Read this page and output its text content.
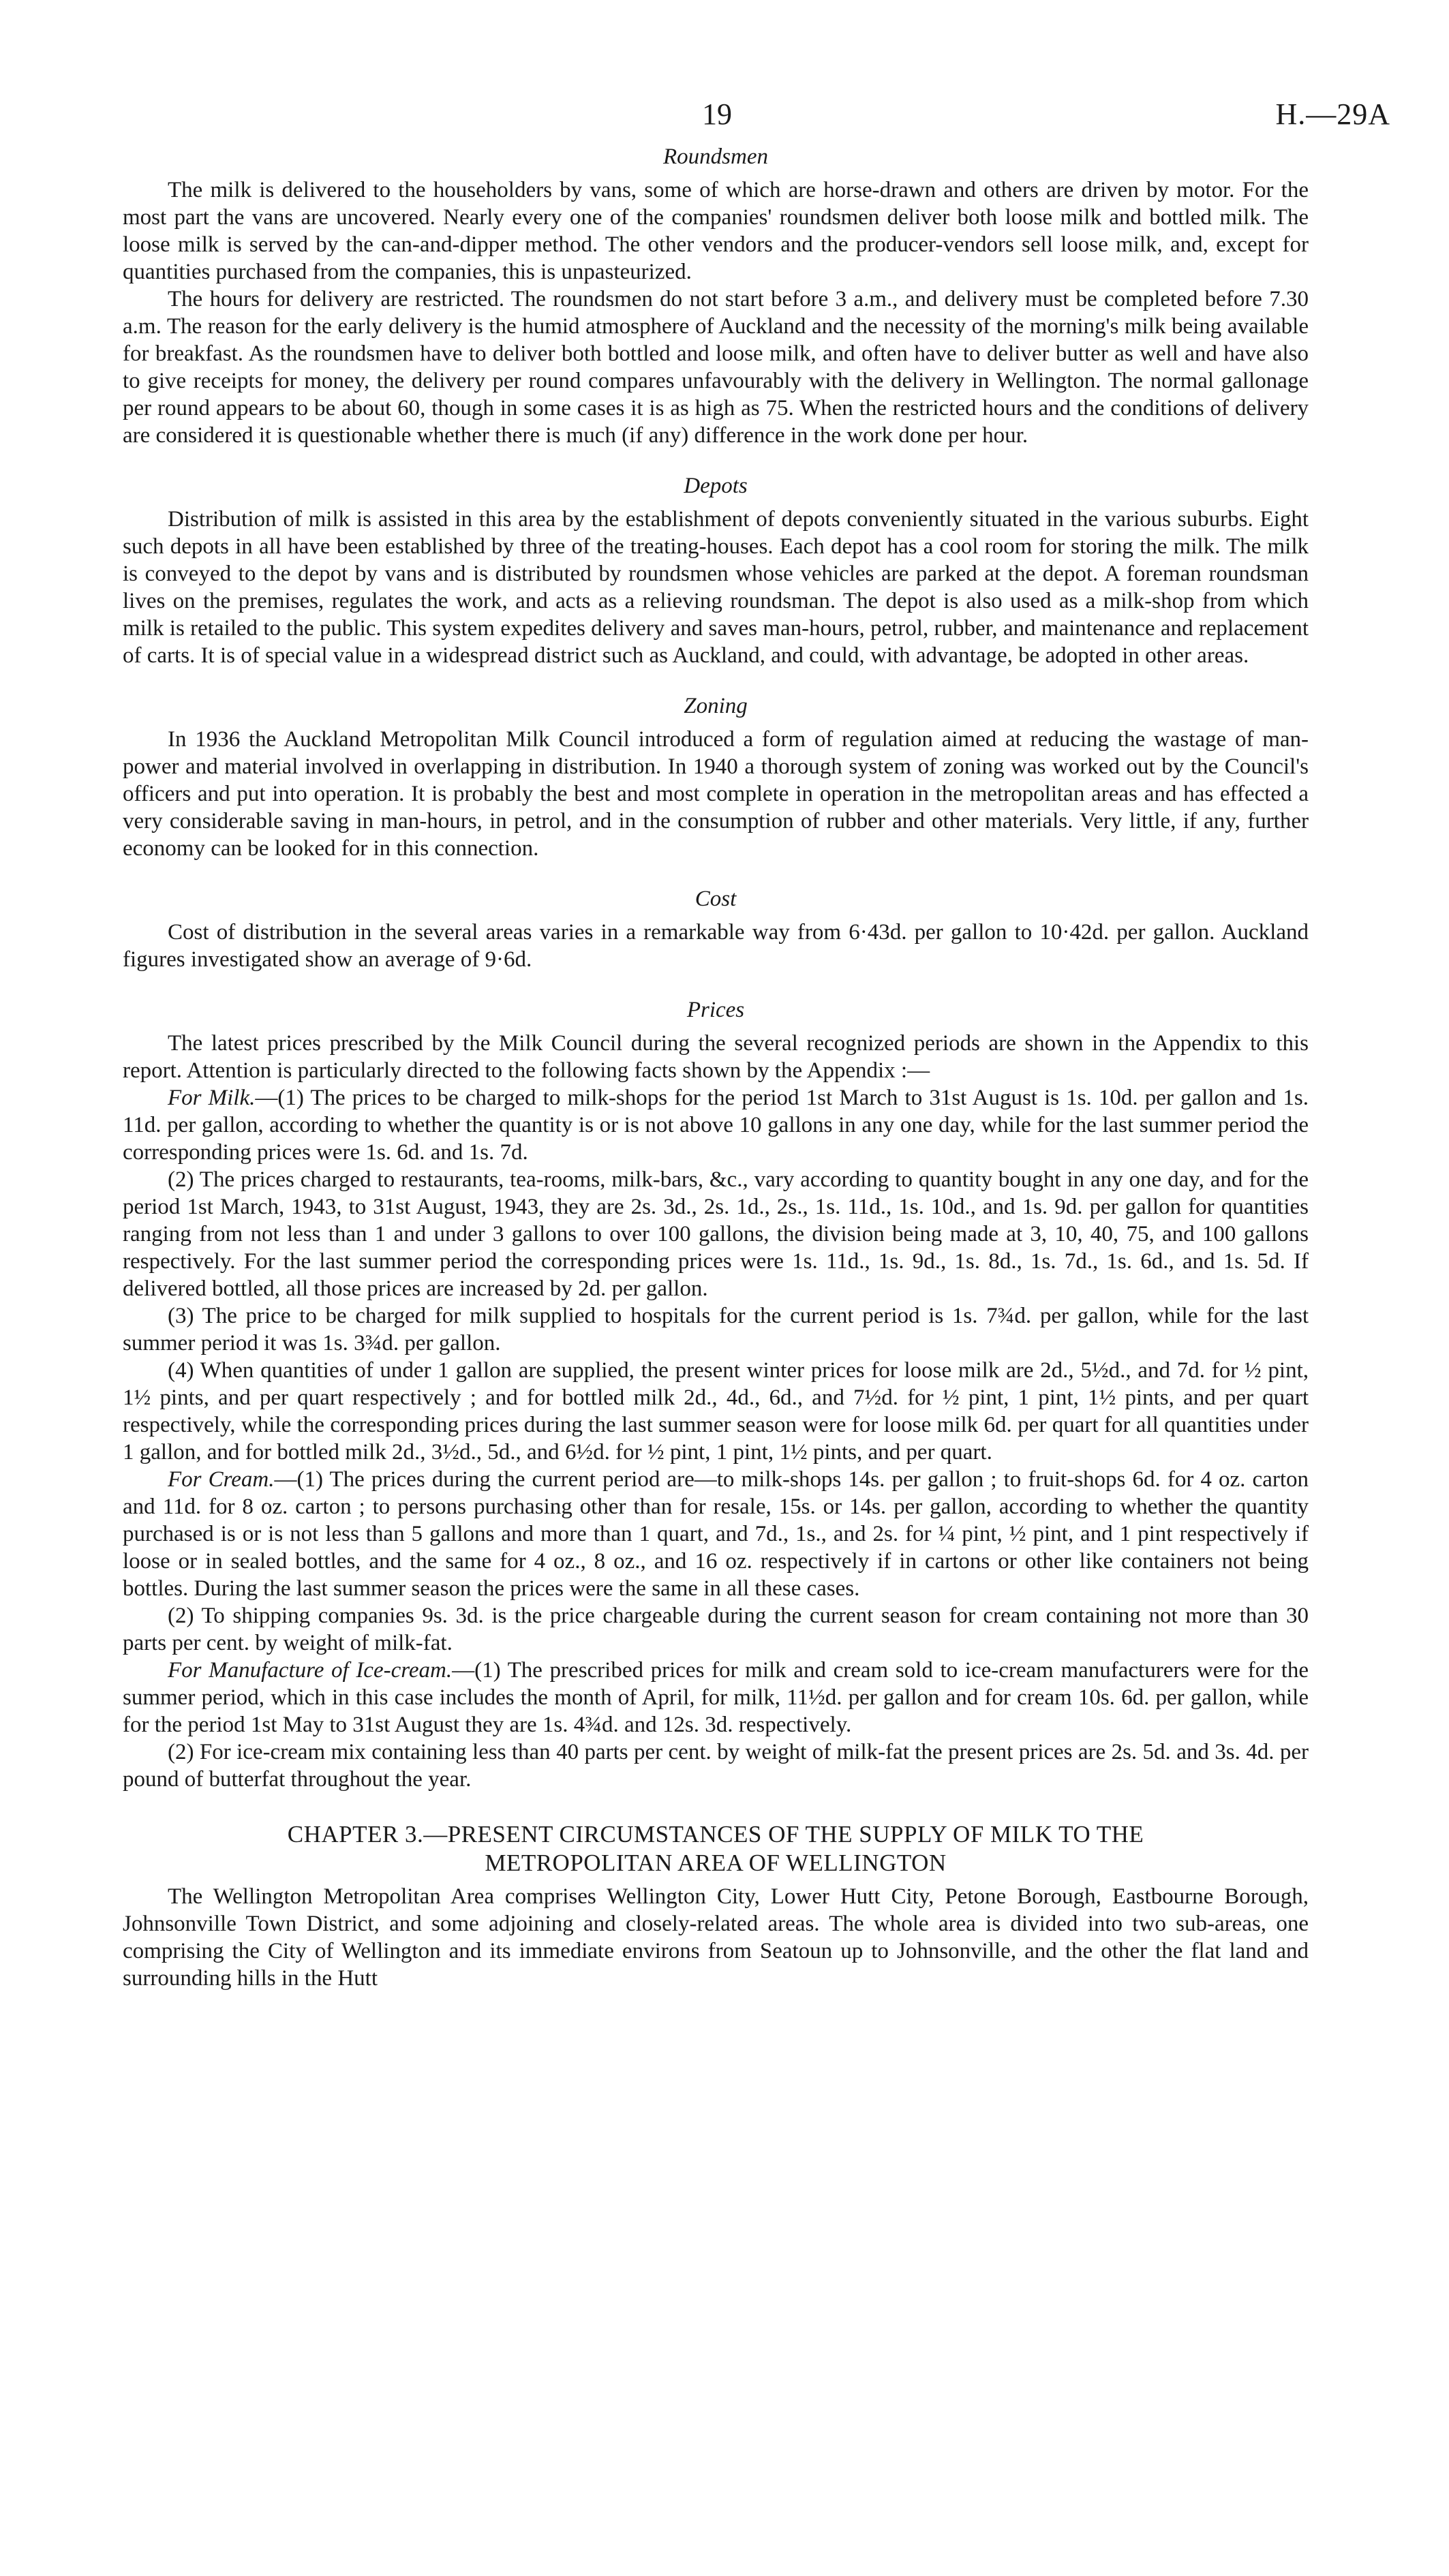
19	H.—29A
Roundsmen

The milk is delivered to the householders by vans, some of which are horse-drawn and others are driven by motor. For the most part the vans are uncovered. Nearly every one of the companies' roundsmen deliver both loose milk and bottled milk. The loose milk is served by the can-and-dipper method. The other vendors and the producer-vendors sell loose milk, and, except for quantities purchased from the companies, this is unpasteurized.

The hours for delivery are restricted. The roundsmen do not start before 3 a.m., and delivery must be completed before 7.30 a.m. The reason for the early delivery is the humid atmosphere of Auckland and the necessity of the morning's milk being available for breakfast. As the roundsmen have to deliver both bottled and loose milk, and often have to deliver butter as well and have also to give receipts for money, the delivery per round compares unfavourably with the delivery in Wellington. The normal gallonage per round appears to be about 60, though in some cases it is as high as 75. When the restricted hours and the conditions of delivery are considered it is questionable whether there is much (if any) difference in the work done per hour.

Depots

Distribution of milk is assisted in this area by the establishment of depots conveniently situated in the various suburbs. Eight such depots in all have been established by three of the treating-houses. Each depot has a cool room for storing the milk. The milk is conveyed to the depot by vans and is distributed by roundsmen whose vehicles are parked at the depot. A foreman roundsman lives on the premises, regulates the work, and acts as a relieving roundsman. The depot is also used as a milk-shop from which milk is retailed to the public. This system expedites delivery and saves man-hours, petrol, rubber, and maintenance and replacement of carts. It is of special value in a widespread district such as Auckland, and could, with advantage, be adopted in other areas.

Zoning

In 1936 the Auckland Metropolitan Milk Council introduced a form of regulation aimed at reducing the wastage of man-power and material involved in overlapping in distribution. In 1940 a thorough system of zoning was worked out by the Council's officers and put into operation. It is probably the best and most complete in operation in the metropolitan areas and has effected a very considerable saving in man-hours, in petrol, and in the consumption of rubber and other materials. Very little, if any, further economy can be looked for in this connection.

Cost

Cost of distribution in the several areas varies in a remarkable way from 6·43d. per gallon to 10·42d. per gallon. Auckland figures investigated show an average of 9·6d.

Prices

The latest prices prescribed by the Milk Council during the several recognized periods are shown in the Appendix to this report. Attention is particularly directed to the following facts shown by the Appendix :—

For Milk.—(1) The prices to be charged to milk-shops for the period 1st March to 31st August is 1s. 10d. per gallon and 1s. 11d. per gallon, according to whether the quantity is or is not above 10 gallons in any one day, while for the last summer period the corresponding prices were 1s. 6d. and 1s. 7d.

(2) The prices charged to restaurants, tea-rooms, milk-bars, &c., vary according to quantity bought in any one day, and for the period 1st March, 1943, to 31st August, 1943, they are 2s. 3d., 2s. 1d., 2s., 1s. 11d., 1s. 10d., and 1s. 9d. per gallon for quantities ranging from not less than 1 and under 3 gallons to over 100 gallons, the division being made at 3, 10, 40, 75, and 100 gallons respectively. For the last summer period the corresponding prices were 1s. 11d., 1s. 9d., 1s. 8d., 1s. 7d., 1s. 6d., and 1s. 5d. If delivered bottled, all those prices are increased by 2d. per gallon.

(3) The price to be charged for milk supplied to hospitals for the current period is 1s. 7¾d. per gallon, while for the last summer period it was 1s. 3¾d. per gallon.

(4) When quantities of under 1 gallon are supplied, the present winter prices for loose milk are 2d., 5½d., and 7d. for ½ pint, 1½ pints, and per quart respectively ; and for bottled milk 2d., 4d., 6d., and 7½d. for ½ pint, 1 pint, 1½ pints, and per quart respectively, while the corresponding prices during the last summer season were for loose milk 6d. per quart for all quantities under 1 gallon, and for bottled milk 2d., 3½d., 5d., and 6½d. for ½ pint, 1 pint, 1½ pints, and per quart.

For Cream.—(1) The prices during the current period are—to milk-shops 14s. per gallon ; to fruit-shops 6d. for 4 oz. carton and 11d. for 8 oz. carton ; to persons purchasing other than for resale, 15s. or 14s. per gallon, according to whether the quantity purchased is or is not less than 5 gallons and more than 1 quart, and 7d., 1s., and 2s. for ¼ pint, ½ pint, and 1 pint respectively if loose or in sealed bottles, and the same for 4 oz., 8 oz., and 16 oz. respectively if in cartons or other like containers not being bottles. During the last summer season the prices were the same in all these cases.

(2) To shipping companies 9s. 3d. is the price chargeable during the current season for cream containing not more than 30 parts per cent. by weight of milk-fat.

For Manufacture of Ice-cream.—(1) The prescribed prices for milk and cream sold to ice-cream manufacturers were for the summer period, which in this case includes the month of April, for milk, 11½d. per gallon and for cream 10s. 6d. per gallon, while for the period 1st May to 31st August they are 1s. 4¾d. and 12s. 3d. respectively.

(2) For ice-cream mix containing less than 40 parts per cent. by weight of milk-fat the present prices are 2s. 5d. and 3s. 4d. per pound of butterfat throughout the year.

CHAPTER 3.—PRESENT CIRCUMSTANCES OF THE SUPPLY OF MILK TO THE
METROPOLITAN AREA OF WELLINGTON

The Wellington Metropolitan Area comprises Wellington City, Lower Hutt City, Petone Borough, Eastbourne Borough, Johnsonville Town District, and some adjoining and closely-related areas. The whole area is divided into two sub-areas, one comprising the City of Wellington and its immediate environs from Seatoun up to Johnsonville, and the other the flat land and surrounding hills in the Hutt
